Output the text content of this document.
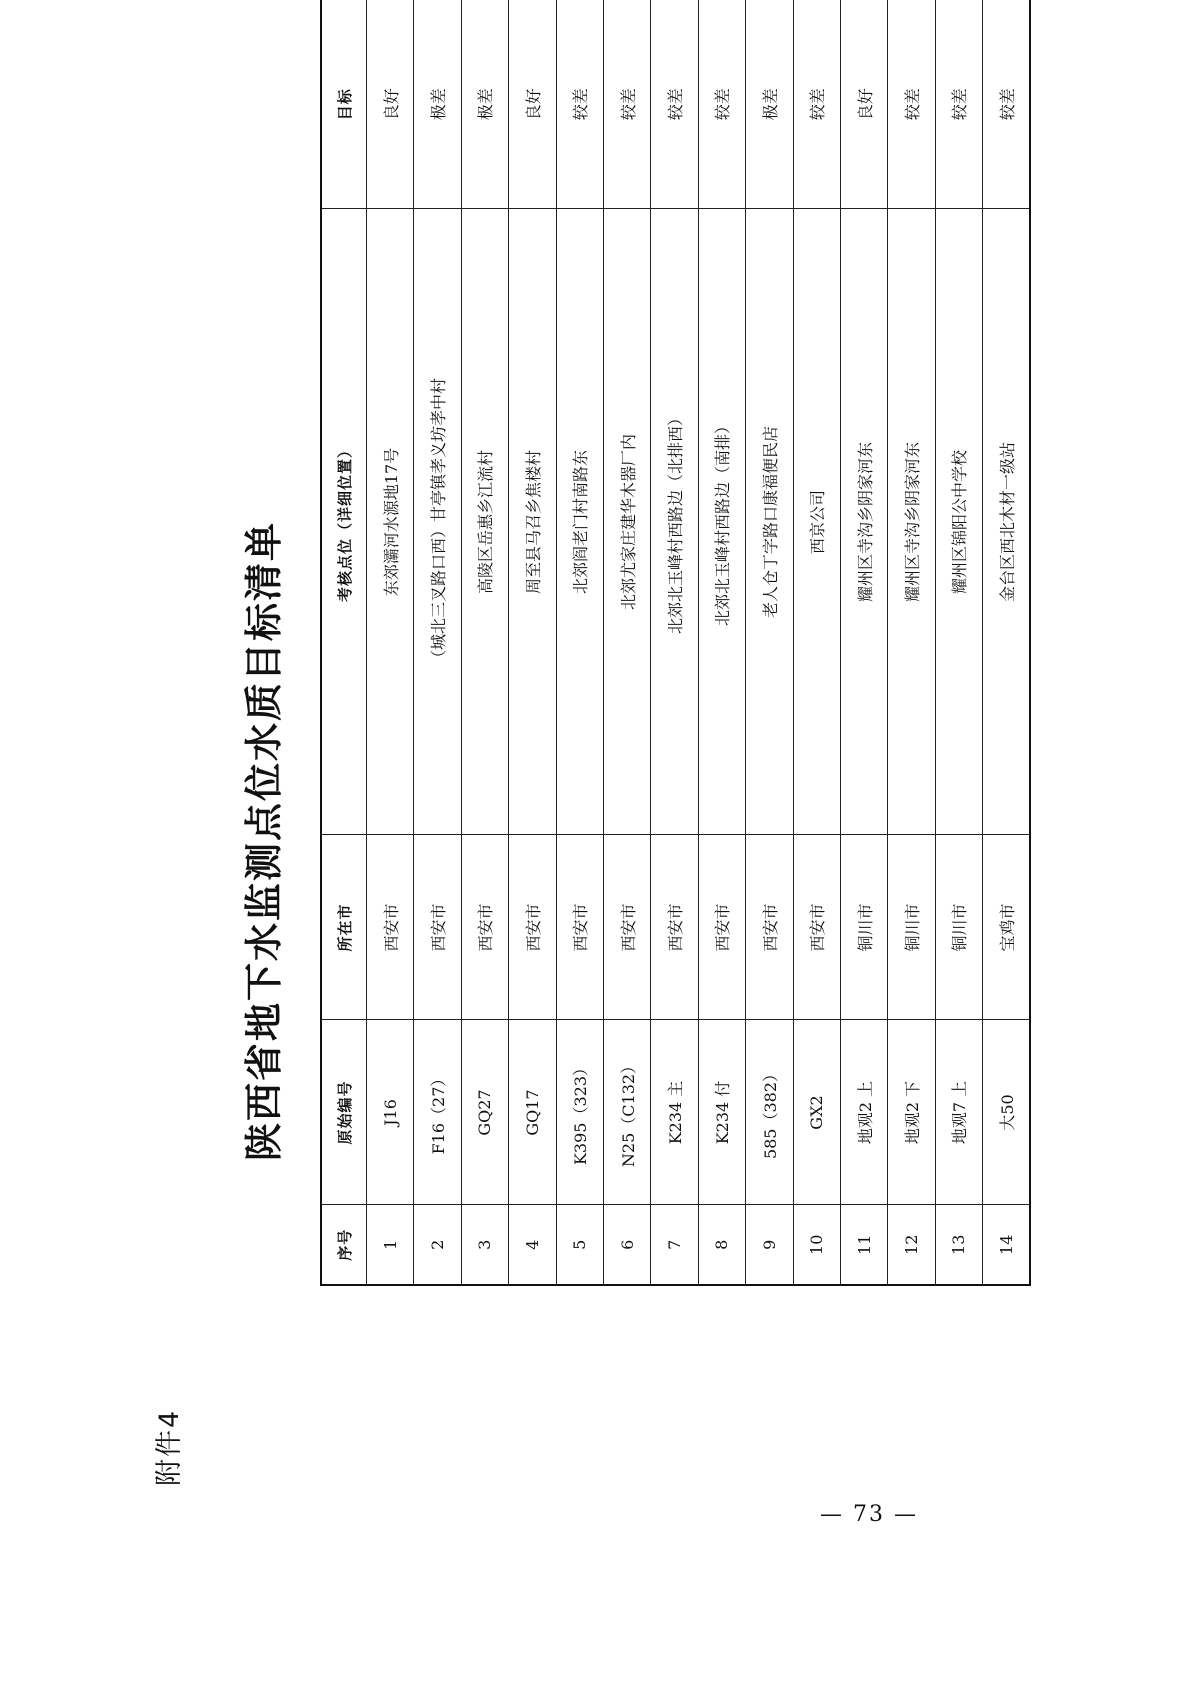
附件4
陕西省地下水监测点位水质目标清单
序号	原始编号	所在市	考核点位（详细位置）	目标
1	J16	西安市	东郊灞河水源地17号	良好
2	F16（27）	西安市	（城北三叉路口西）甘亭镇孝义坊孝中村	极差
3	GQ27	西安市	高陵区岳惠乡江流村	极差
4	GQ17	西安市	周至县马召乡焦楼村	良好
5	K395（323）	西安市	北郊阎老门村南路东	较差
6	N25（C132）	西安市	北郊尤家庄建华木器厂内	较差
7	K234 主	西安市	北郊北玉峰村西路边（北排西）	较差
8	K234 付	西安市	北郊北玉峰村西路边（南排）	较差
9	585（382）	西安市	老人仓丁字路口康福便民店	极差
10	GX2	西安市	西京公司	较差
11	地观2 上	铜川市	耀州区寺沟乡阴家河东	良好
12	地观2 下	铜川市	耀州区寺沟乡阴家河东	较差
13	地观7 上	铜川市	耀州区锦阳公中学校	较差
14	大50	宝鸡市	金台区西北木材一级站	较差
— 73 —
